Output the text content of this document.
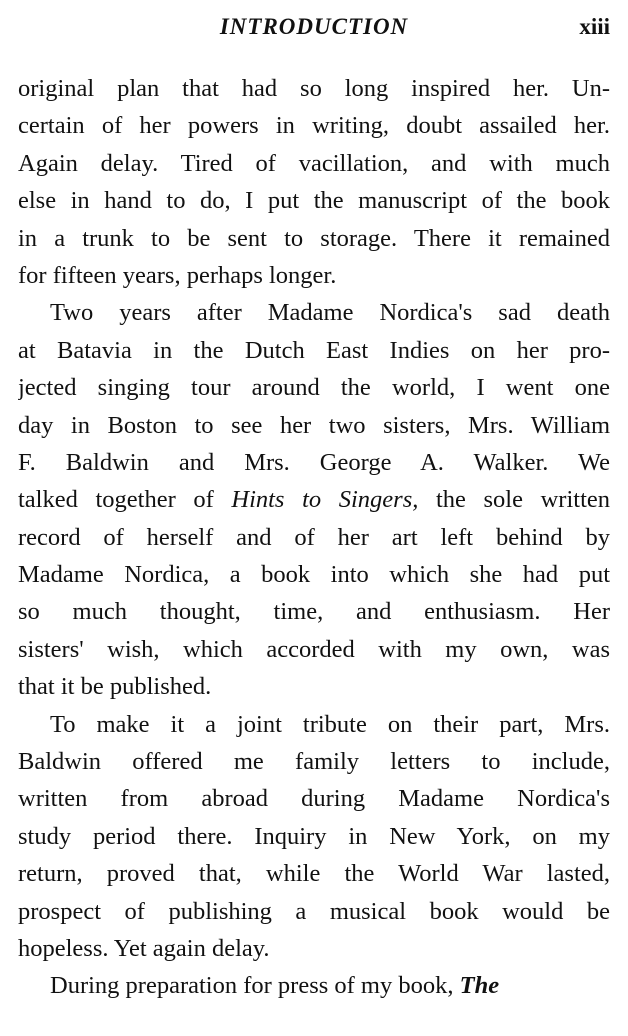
INTRODUCTION	xiii
original plan that had so long inspired her. Un-
certain of her powers in writing, doubt assailed her.
Again delay. Tired of vacillation, and with much
else in hand to do, I put the manuscript of the book
in a trunk to be sent to storage. There it remained
for fifteen years, perhaps longer.
Two years after Madame Nordica's sad death
at Batavia in the Dutch East Indies on her pro-
jected singing tour around the world, I went one
day in Boston to see her two sisters, Mrs. William
F. Baldwin and Mrs. George A. Walker. We
talked together of Hints to Singers, the sole written
record of herself and of her art left behind by
Madame Nordica, a book into which she had put
so much thought, time, and enthusiasm. Her
sisters' wish, which accorded with my own, was
that it be published.
To make it a joint tribute on their part, Mrs.
Baldwin offered me family letters to include,
written from abroad during Madame Nordica's
study period there. Inquiry in New York, on my
return, proved that, while the World War lasted,
prospect of publishing a musical book would be
hopeless. Yet again delay.
During preparation for press of my book, The
